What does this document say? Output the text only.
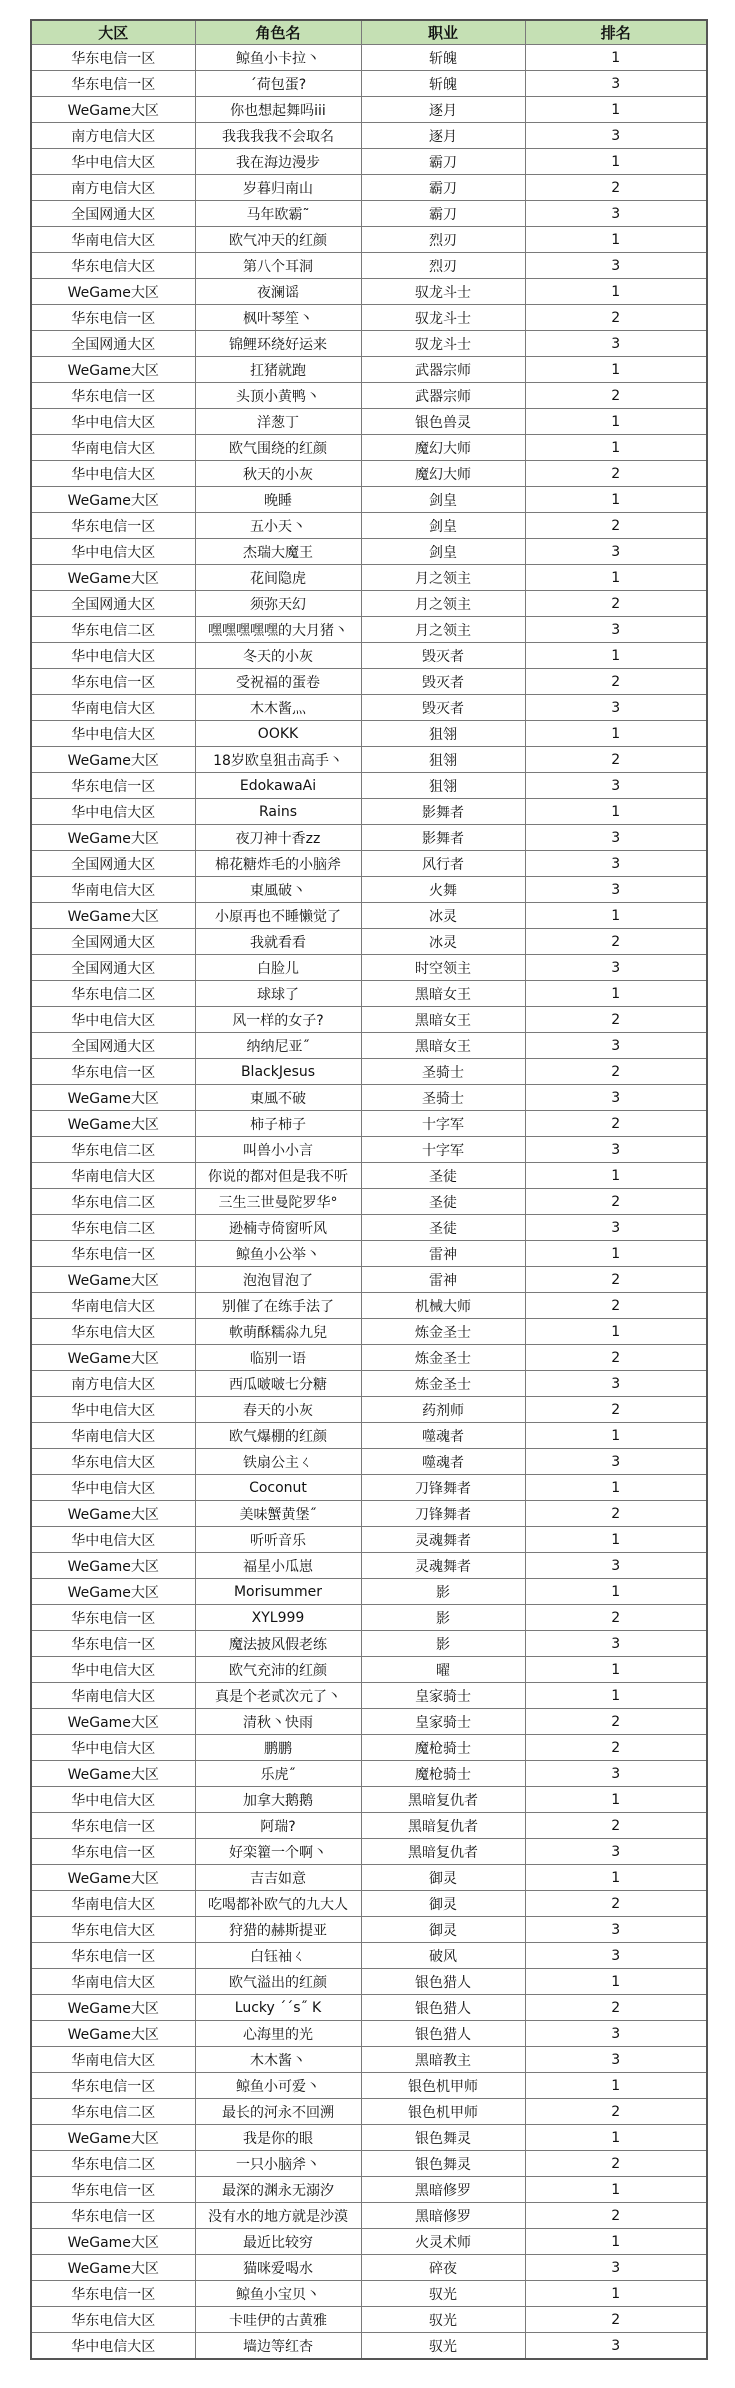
大区	角色名	职业	排名
华东电信一区	鲸鱼小卡拉丶	斩魄	1
华东电信一区	ˊ荷包蛋?	斩魄	3
WeGame大区	你也想起舞吗iii	逐月	1
南方电信大区	我我我我不会取名	逐月	3
华中电信大区	我在海边漫步	霸刀	1
南方电信大区	岁暮归南山	霸刀	2
全国网通大区	马年欧霸˜	霸刀	3
华南电信大区	欧气冲天的红颜	烈刃	1
华东电信大区	第八个耳洞	烈刃	3
WeGame大区	夜澜谣	驭龙斗士	1
华东电信一区	枫叶琴笙丶	驭龙斗士	2
全国网通大区	锦鲤环绕好运来	驭龙斗士	3
WeGame大区	扛猪就跑	武器宗师	1
华东电信一区	头顶小黄鸭丶	武器宗师	2
华中电信大区	洋葱丁	银色兽灵	1
华南电信大区	欧气围绕的红颜	魔幻大师	1
华中电信大区	秋天的小灰	魔幻大师	2
WeGame大区	晚睡	剑皇	1
华东电信一区	五小天丶	剑皇	2
华中电信大区	杰瑞大魔王	剑皇	3
WeGame大区	花间隐虎	月之领主	1
全国网通大区	须弥天幻	月之领主	2
华东电信二区	嘿嘿嘿嘿嘿的大月猪丶	月之领主	3
华中电信大区	冬天的小灰	毁灭者	1
华东电信一区	受祝福的蛋卷	毁灭者	2
华南电信大区	木木酱灬	毁灭者	3
华中电信大区	OOKK	狙翎	1
WeGame大区	18岁欧皇狙击高手丶	狙翎	2
华东电信一区	EdokawaAi	狙翎	3
华中电信大区	Rains	影舞者	1
WeGame大区	夜刀神十香zz	影舞者	3
全国网通大区	棉花糖炸毛的小脑斧	风行者	3
华南电信大区	東風破丶	火舞	3
WeGame大区	小原再也不睡懒觉了	冰灵	1
全国网通大区	我就看看	冰灵	2
全国网通大区	白脸儿	时空领主	3
华东电信二区	球球了	黑暗女王	1
华中电信大区	风一样的女子?	黑暗女王	2
全国网通大区	纳纳尼亚˝	黑暗女王	3
华东电信一区	BlackJesus	圣骑士	2
WeGame大区	東風不破	圣骑士	3
WeGame大区	柿子柿子	十字军	2
华东电信二区	叫兽小小言	十字军	3
华南电信大区	你说的都对但是我不听	圣徒	1
华东电信二区	三生三世曼陀罗华°	圣徒	2
华东电信二区	逊楠寺倚窗听风	圣徒	3
华东电信一区	鲸鱼小公举丶	雷神	1
WeGame大区	泡泡冒泡了	雷神	2
华南电信大区	别催了在练手法了	机械大师	2
华东电信大区	軟萌酥糯尛九兒	炼金圣士	1
WeGame大区	临别一语	炼金圣士	2
南方电信大区	西瓜啵啵七分糖	炼金圣士	3
华中电信大区	春天的小灰	药剂师	2
华南电信大区	欧气爆棚的红颜	噬魂者	1
华东电信大区	铁扇公主ㄑ	噬魂者	3
华中电信大区	Coconut	刀锋舞者	1
WeGame大区	美味蟹黄堡˝	刀锋舞者	2
华中电信大区	听听音乐	灵魂舞者	1
WeGame大区	福星小瓜崽	灵魂舞者	3
WeGame大区	Morisummer	影	1
华东电信一区	XYL999	影	2
华东电信一区	魔法披风假老练	影	3
华中电信大区	欧气充沛的红颜	曜	1
华南电信大区	真是个老贰次元了丶	皇家骑士	1
WeGame大区	清秋丶快雨	皇家骑士	2
华中电信大区	鹏鹏	魔枪骑士	2
WeGame大区	乐虎˝	魔枪骑士	3
华中电信大区	加拿大鹅鹅	黑暗复仇者	1
华东电信一区	阿瑞?	黑暗复仇者	2
华东电信一区	好栾籊一个啊丶	黑暗复仇者	3
WeGame大区	吉吉如意	御灵	1
华南电信大区	吃喝都补欧气的九大人	御灵	2
华东电信大区	狩猎的赫斯提亚	御灵	3
华东电信一区	白钰袖ㄑ	破风	3
华南电信大区	欧气溢出的红颜	银色猎人	1
WeGame大区	Lucky ˊˊs˝ K	银色猎人	2
WeGame大区	心海里的光	银色猎人	3
华南电信大区	木木酱丶	黑暗教主	3
华东电信一区	鲸鱼小可爱丶	银色机甲师	1
华东电信二区	最长的河永不回溯	银色机甲师	2
WeGame大区	我是你的眼	银色舞灵	1
华东电信二区	一只小脑斧丶	银色舞灵	2
华东电信一区	最深的渊永无溺汐	黑暗修罗	1
华东电信一区	没有水的地方就是沙漠	黑暗修罗	2
WeGame大区	最近比较穷	火灵术师	1
WeGame大区	猫咪爱喝水	碎夜	3
华东电信一区	鲸鱼小宝贝丶	驭光	1
华东电信大区	卡哇伊的古黄雅	驭光	2
华中电信大区	墙边等红杏	驭光	3
